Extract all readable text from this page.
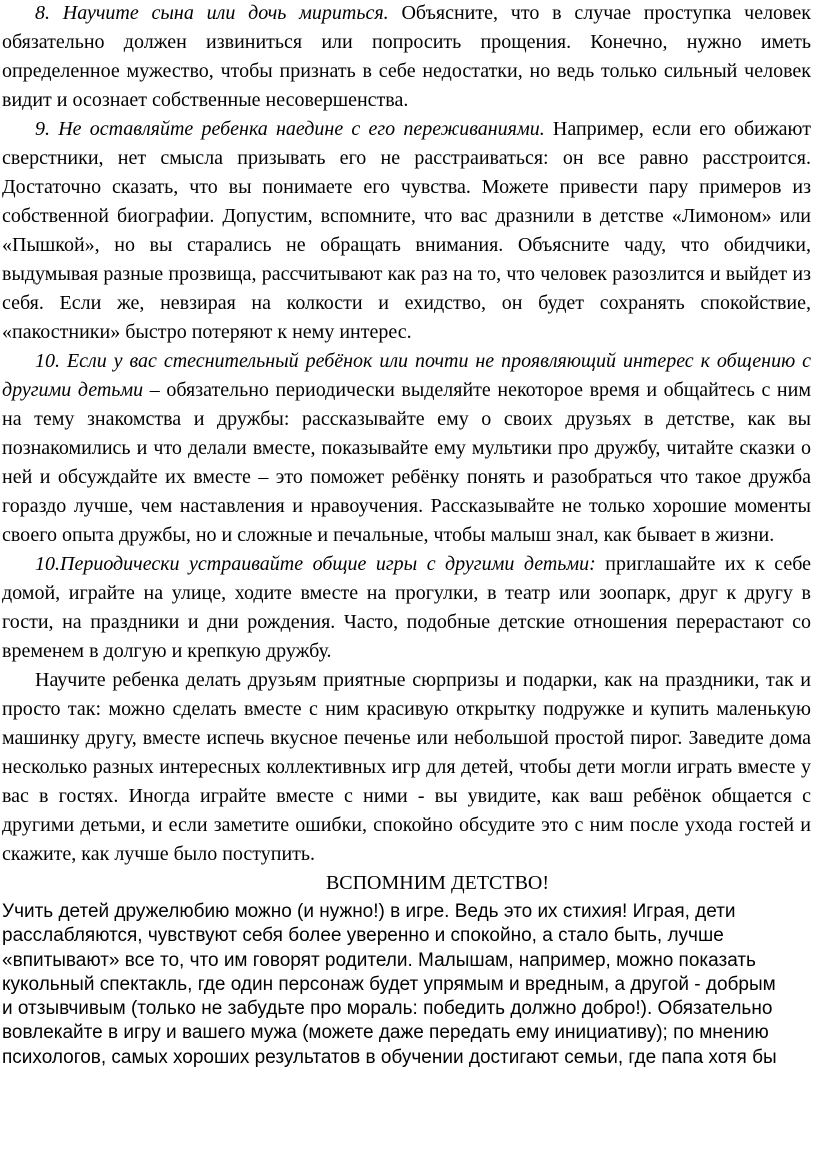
8. Научите сына или дочь мириться. Объясните, что в случае проступка человек обязательно должен извиниться или попросить прощения. Конечно, нужно иметь определенное мужество, чтобы признать в себе недостатки, но ведь только сильный человек видит и осознает собственные несовершенства.

9. Не оставляйте ребенка наедине с его переживаниями. Например, если его обижают сверстники, нет смысла призывать его не расстраиваться: он все равно расстроится. Достаточно сказать, что вы понимаете его чувства. Можете привести пару примеров из собственной биографии. Допустим, вспомните, что вас дразнили в детстве «Лимоном» или «Пышкой», но вы старались не обращать внимания. Объясните чаду, что обидчики, выдумывая разные прозвища, рассчитывают как раз на то, что человек разозлится и выйдет из себя. Если же, невзирая на колкости и ехидство, он будет сохранять спокойствие, «пакостники» быстро потеряют к нему интерес.

10. Если у вас стеснительный ребёнок или почти не проявляющий интерес к общению с другими детьми – обязательно периодически выделяйте некоторое время и общайтесь с ним на тему знакомства и дружбы: рассказывайте ему о своих друзьях в детстве, как вы познакомились и что делали вместе, показывайте ему мультики про дружбу, читайте сказки о ней и обсуждайте их вместе – это поможет ребёнку понять и разобраться что такое дружба гораздо лучше, чем наставления и нравоучения. Рассказывайте не только хорошие моменты своего опыта дружбы, но и сложные и печальные, чтобы малыш знал, как бывает в жизни.

10.Периодически устраивайте общие игры с другими детьми: приглашайте их к себе домой, играйте на улице, ходите вместе на прогулки, в театр или зоопарк, друг к другу в гости, на праздники и дни рождения. Часто, подобные детские отношения перерастают со временем в долгую и крепкую дружбу.

Научите ребенка делать друзьям приятные сюрпризы и подарки, как на праздники, так и просто так: можно сделать вместе с ним красивую открытку подружке и купить маленькую машинку другу, вместе испечь вкусное печенье или небольшой простой пирог. Заведите дома несколько разных интересных коллективных игр для детей, чтобы дети могли играть вместе у вас в гостях. Иногда играйте вместе с ними - вы увидите, как ваш ребёнок общается с другими детьми, и если заметите ошибки, спокойно обсудите это с ним после ухода гостей и скажите, как лучше было поступить.

ВСПОМНИМ ДЕТСТВО!

Учить детей дружелюбию можно (и нужно!) в игре. Ведь это их стихия! Играя, дети расслабляются, чувствуют себя более уверенно и спокойно, а стало быть, лучше «впитывают» все то, что им говорят родители. Малышам, например, можно показать кукольный спектакль, где один персонаж будет упрямым и вредным, а другой - добрым и отзывчивым (только не забудьте про мораль: победить должно добро!). Обязательно вовлекайте в игру и вашего мужа (можете даже передать ему инициативу); по мнению психологов, самых хороших результатов в обучении достигают семьи, где папа хотя бы
